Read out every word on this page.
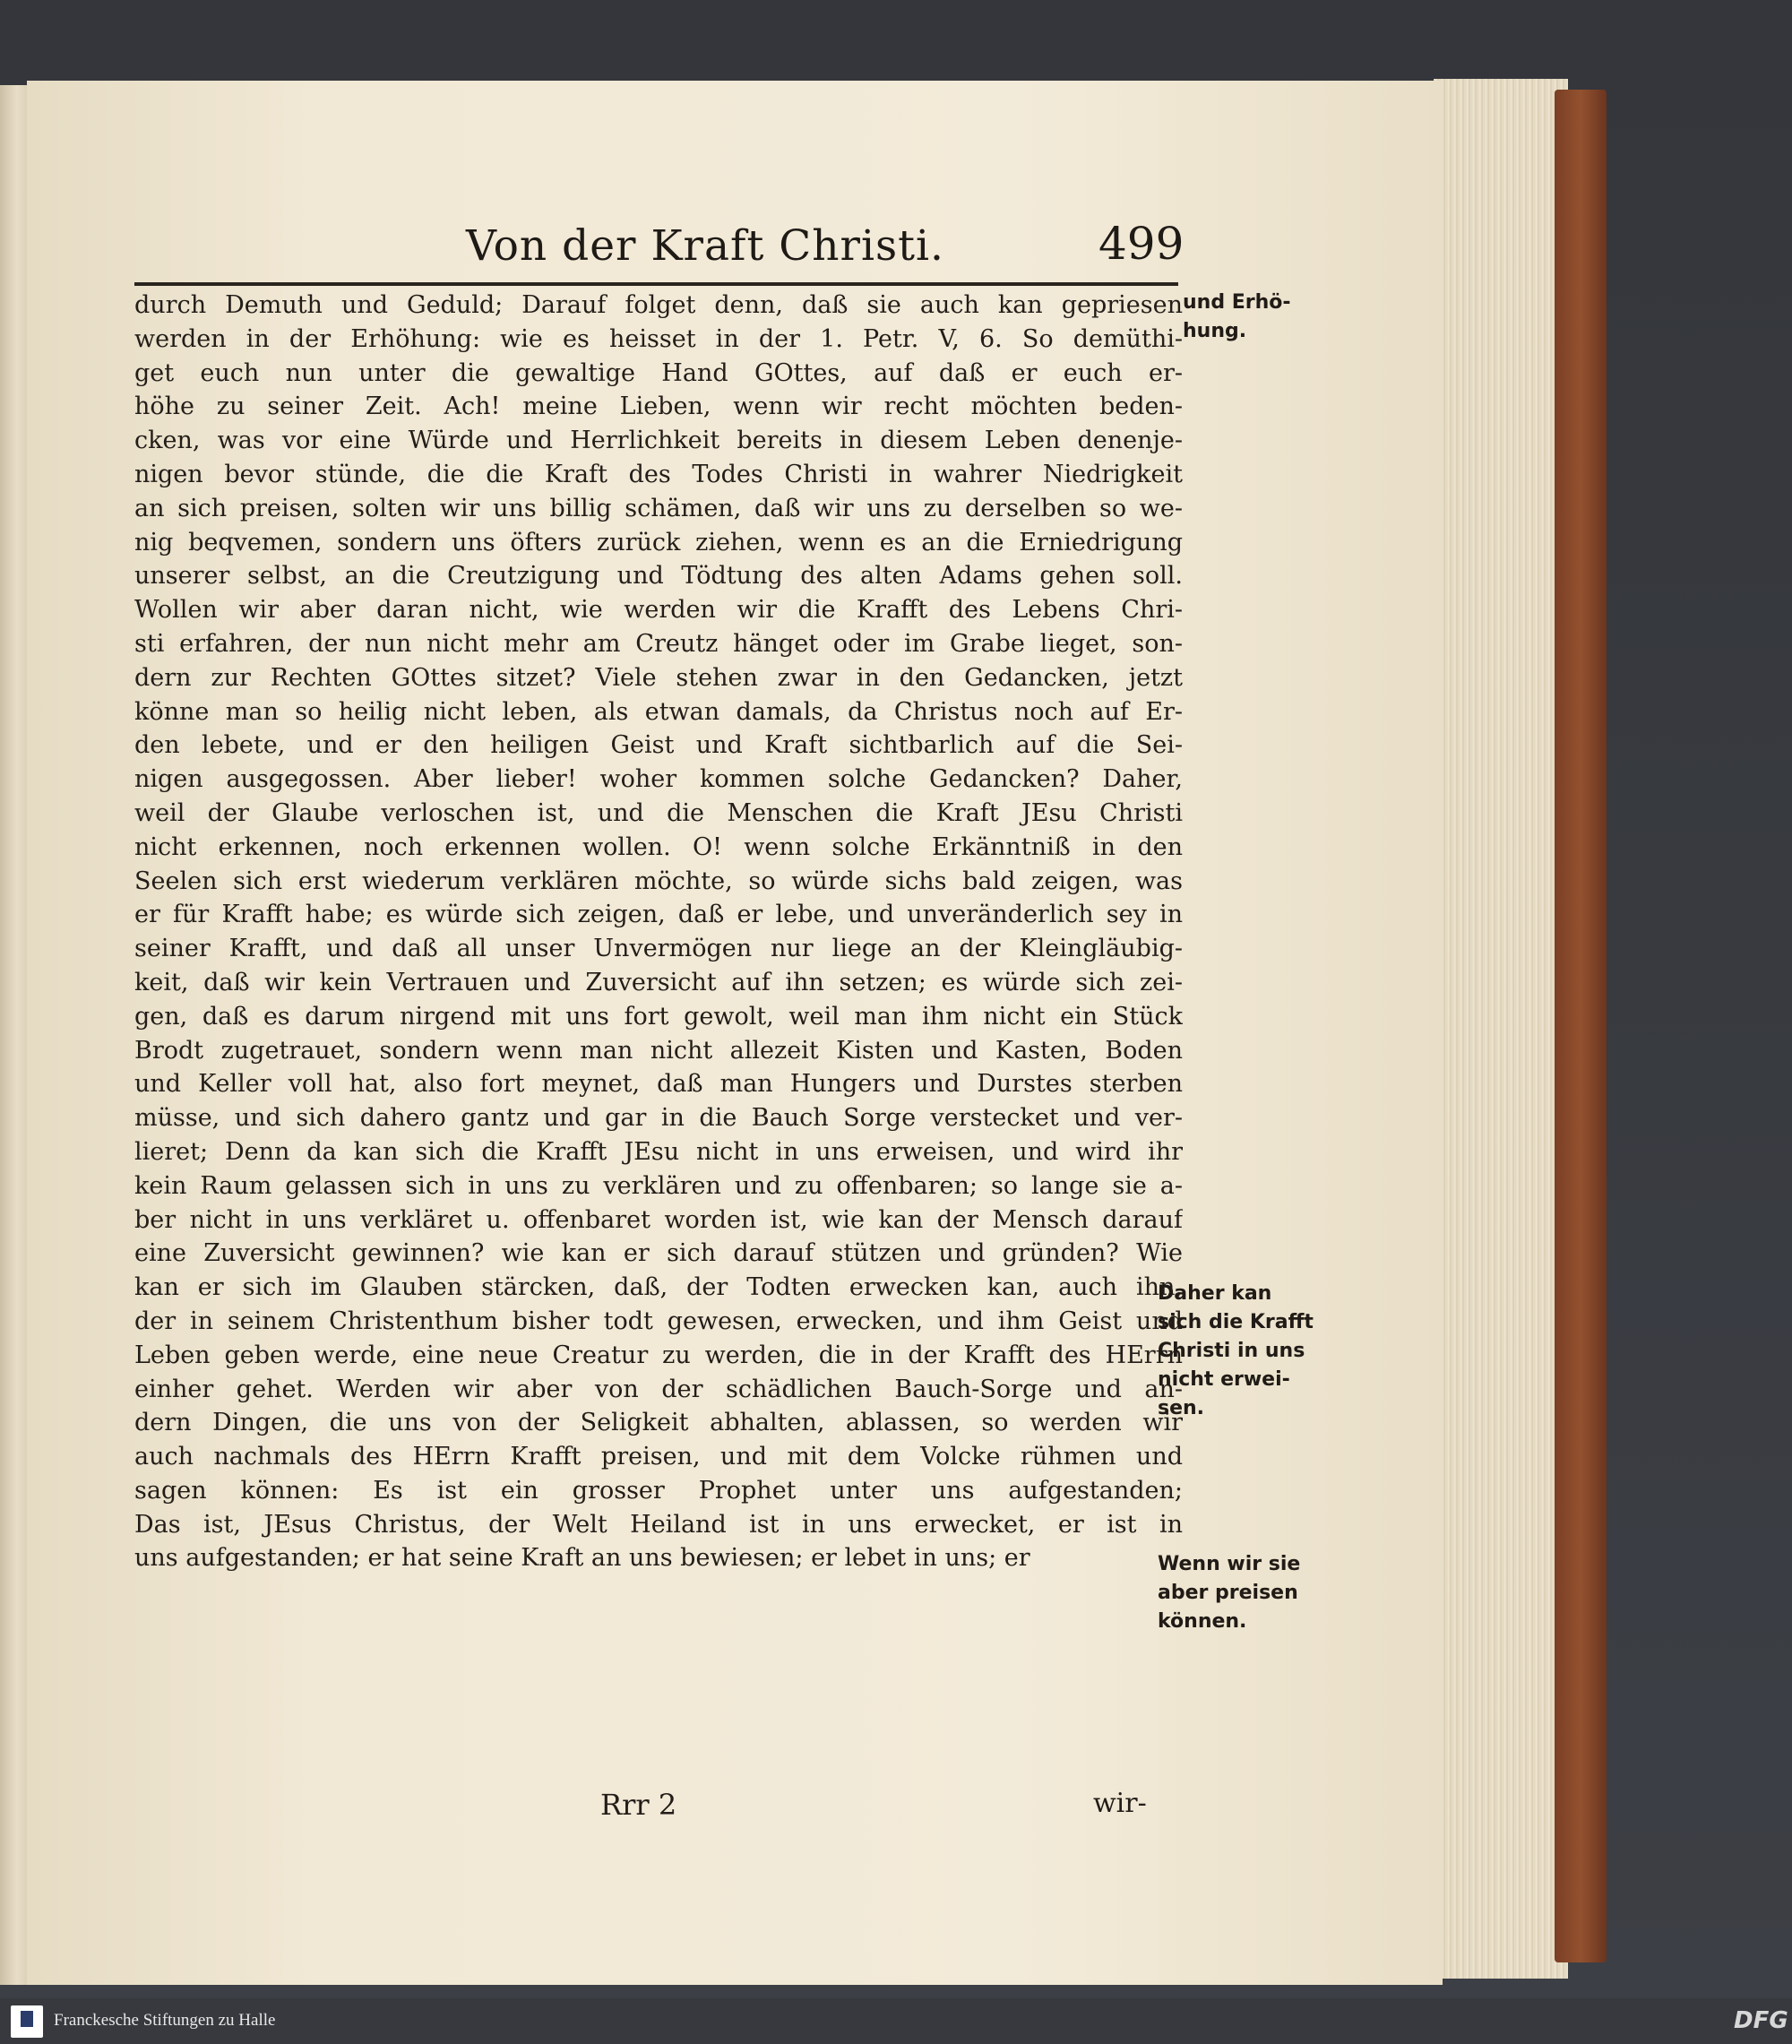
Von der Kraft Christi.	499
durch Demuth und Geduld; Darauf folget denn, daß sie auch kan gepriesen
werden in der Erhöhung: wie es heisset in der 1. Petr. V, 6. So demüthi-
get euch nun unter die gewaltige Hand GOttes, auf daß er euch er-
höhe zu seiner Zeit. Ach! meine Lieben, wenn wir recht möchten beden-
cken, was vor eine Würde und Herrlichkeit bereits in diesem Leben denenje-
nigen bevor stünde, die die Kraft des Todes Christi in wahrer Niedrigkeit
an sich preisen, solten wir uns billig schämen, daß wir uns zu derselben so we-
nig beqvemen, sondern uns öfters zurück ziehen, wenn es an die Erniedrigung
unserer selbst, an die Creutzigung und Tödtung des alten Adams gehen soll.
Wollen wir aber daran nicht, wie werden wir die Krafft des Lebens Chri-
sti erfahren, der nun nicht mehr am Creutz hänget oder im Grabe lieget, son-
dern zur Rechten GOttes sitzet? Viele stehen zwar in den Gedancken, jetzt
könne man so heilig nicht leben, als etwan damals, da Christus noch auf Er-
den lebete, und er den heiligen Geist und Kraft sichtbarlich auf die Sei-
nigen ausgegossen. Aber lieber! woher kommen solche Gedancken? Daher,
weil der Glaube verloschen ist, und die Menschen die Kraft JEsu Christi
nicht erkennen, noch erkennen wollen. O! wenn solche Erkänntniß in den
Seelen sich erst wiederum verklären möchte, so würde sichs bald zeigen, was
er für Krafft habe; es würde sich zeigen, daß er lebe, und unveränderlich sey in
seiner Krafft, und daß all unser Unvermögen nur liege an der Kleingläubig-
keit, daß wir kein Vertrauen und Zuversicht auf ihn setzen; es würde sich zei-
gen, daß es darum nirgend mit uns fort gewolt, weil man ihm nicht ein Stück
Brodt zugetrauet, sondern wenn man nicht allezeit Kisten und Kasten, Boden
und Keller voll hat, also fort meynet, daß man Hungers und Durstes sterben
müsse, und sich dahero gantz und gar in die Bauch Sorge verstecket und ver-
lieret; Denn da kan sich die Krafft JEsu nicht in uns erweisen, und wird ihr
kein Raum gelassen sich in uns zu verklären und zu offenbaren; so lange sie a-
ber nicht in uns verkläret u. offenbaret worden ist, wie kan der Mensch darauf
eine Zuversicht gewinnen? wie kan er sich darauf stützen und gründen? Wie
kan er sich im Glauben stärcken, daß, der Todten erwecken kan, auch ihn,
der in seinem Christenthum bisher todt gewesen, erwecken, und ihm Geist und
Leben geben werde, eine neue Creatur zu werden, die in der Krafft des HErrn
einher gehet. Werden wir aber von der schädlichen Bauch-Sorge und an-
dern Dingen, die uns von der Seligkeit abhalten, ablassen, so werden wir
auch nachmals des HErrn Krafft preisen, und mit dem Volcke rühmen und
sagen können: Es ist ein grosser Prophet unter uns aufgestanden;
Das ist, JEsus Christus, der Welt Heiland ist in uns erwecket, er ist in
uns aufgestanden; er hat seine Kraft an uns bewiesen; er lebet in uns; er
und Erhö-
hung.
Daher kan
sich die Krafft
Christi in uns
nicht erwei-
sen.
Wenn wir sie
aber preisen
können.
Rrr 2	wir-
Franckesche Stiftungen zu Halle	DFG
